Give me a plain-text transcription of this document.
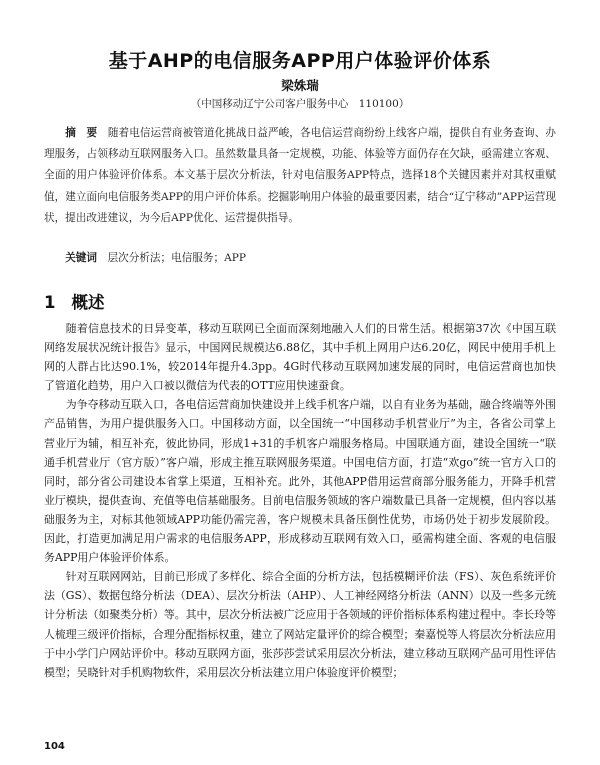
基于AHP的电信服务APP用户体验评价体系
梁姝瑞
（中国移动辽宁公司客户服务中心　110100）

摘　要　 随着电信运营商被管道化挑战日益严峻，各电信运营商纷纷上线客户端，提供自有业务查询、办理服务，占领移动互联网服务入口。虽然数量具备一定规模，功能、体验等方面仍存在欠缺，亟需建立客观、全面的用户体验评价体系。本文基于层次分析法，针对电信服务APP特点，选择18个关键因素并对其权重赋值，建立面向电信服务类APP的用户评价体系。挖掘影响用户体验的最重要因素，结合“辽宁移动”APP运营现状，提出改进建议，为今后APP优化、运营提供指导。

关键词　 层次分析法；电信服务；APP
1 概述

随着信息技术的日异变革，移动互联网已全面而深刻地融入人们的日常生活。根据第37次《中国互联网络发展状况统计报告》显示，中国网民规模达6.88亿，其中手机上网用户达6.20亿，网民中使用手机上网的人群占比达90.1%，较2014年提升4.3pp。4G时代移动互联网加速发展的同时，电信运营商也加快了管道化趋势，用户入口被以微信为代表的OTT应用快速蚕食。

为争夺移动互联入口，各电信运营商加快建设并上线手机客户端，以自有业务为基础，融合终端等外围产品销售，为用户提供服务入口。中国移动方面，以全国统一“中国移动手机营业厅”为主，各省公司掌上营业厅为辅，相互补充，彼此协同，形成1+31的手机客户端服务格局。中国联通方面，建设全国统一“联通手机营业厅（官方版）”客户端，形成主推互联网服务渠道。中国电信方面，打造“欢go”统一官方入口的同时，部分省公司建设本省掌上渠道，互相补充。此外，其他APP借用运营商部分服务能力，开降手机营业厅模块，提供查询、充值等电信基础服务。目前电信服务领域的客户端数量已具备一定规模，但内容以基础服务为主，对标其他领域APP功能仍需完善，客户规模未具备压倒性优势，市场仍处于初步发展阶段。因此，打造更加满足用户需求的电信服务APP，形成移动互联网有效入口，亟需构建全面、客观的电信服务APP用户体验评价体系。

针对互联网网站，目前已形成了多样化、综合全面的分析方法，包括模糊评价法（FS）、灰色系统评价法（GS）、数据包络分析法（DEA）、层次分析法（AHP）、人工神经网络分析法（ANN）以及一些多元统计分析法（如聚类分析）等。其中，层次分析法被广泛应用于各领域的评价指标体系构建过程中。李长玲等人梳理三级评价指标，合理分配指标权重，建立了网站定量评价的综合模型；秦嘉悦等人将层次分析法应用于中小学门户网站评价中。移动互联网方面，张莎莎尝试采用层次分析法，建立移动互联网产品可用性评估模型；吴晓针对手机购物软件，采用层次分析法建立用户体验度评价模型；

104
